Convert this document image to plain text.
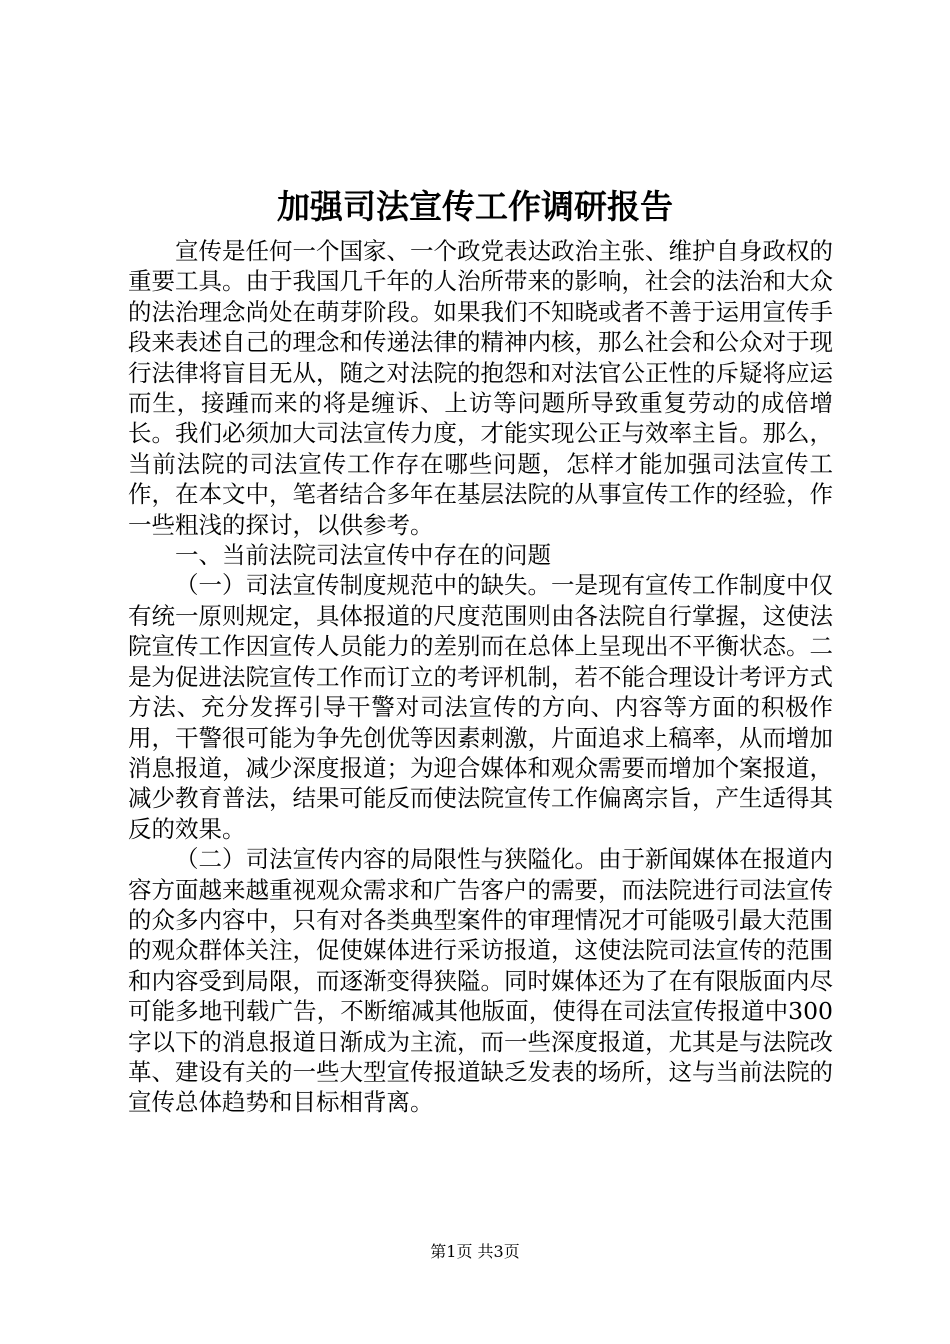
加强司法宣传工作调研报告

宣传是任何一个国家、一个政党表达政治主张、维护自身政权的重要工具。由于我国几千年的人治所带来的影响，社会的法治和大众的法治理念尚处在萌芽阶段。如果我们不知晓或者不善于运用宣传手段来表述自己的理念和传递法律的精神内核，那么社会和公众对于现行法律将盲目无从，随之对法院的抱怨和对法官公正性的斥疑将应运而生，接踵而来的将是缠诉、上访等问题所导致重复劳动的成倍增长。我们必须加大司法宣传力度，才能实现公正与效率主旨。那么，当前法院的司法宣传工作存在哪些问题，怎样才能加强司法宣传工作，在本文中，笔者结合多年在基层法院的从事宣传工作的经验，作一些粗浅的探讨，以供参考。

一、当前法院司法宣传中存在的问题

（一）司法宣传制度规范中的缺失。一是现有宣传工作制度中仅有统一原则规定，具体报道的尺度范围则由各法院自行掌握，这使法院宣传工作因宣传人员能力的差别而在总体上呈现出不平衡状态。二是为促进法院宣传工作而订立的考评机制，若不能合理设计考评方式方法、充分发挥引导干警对司法宣传的方向、内容等方面的积极作用，干警很可能为争先创优等因素刺激，片面追求上稿率，从而增加消息报道，减少深度报道；为迎合媒体和观众需要而增加个案报道，减少教育普法，结果可能反而使法院宣传工作偏离宗旨，产生适得其反的效果。

（二）司法宣传内容的局限性与狭隘化。由于新闻媒体在报道内容方面越来越重视观众需求和广告客户的需要，而法院进行司法宣传的众多内容中，只有对各类典型案件的审理情况才可能吸引最大范围的观众群体关注，促使媒体进行采访报道，这使法院司法宣传的范围和内容受到局限，而逐渐变得狭隘。同时媒体还为了在有限版面内尽可能多地刊载广告，不断缩减其他版面，使得在司法宣传报道中300字以下的消息报道日渐成为主流，而一些深度报道，尤其是与法院改革、建设有关的一些大型宣传报道缺乏发表的场所，这与当前法院的宣传总体趋势和目标相背离。

第1页 共3页
